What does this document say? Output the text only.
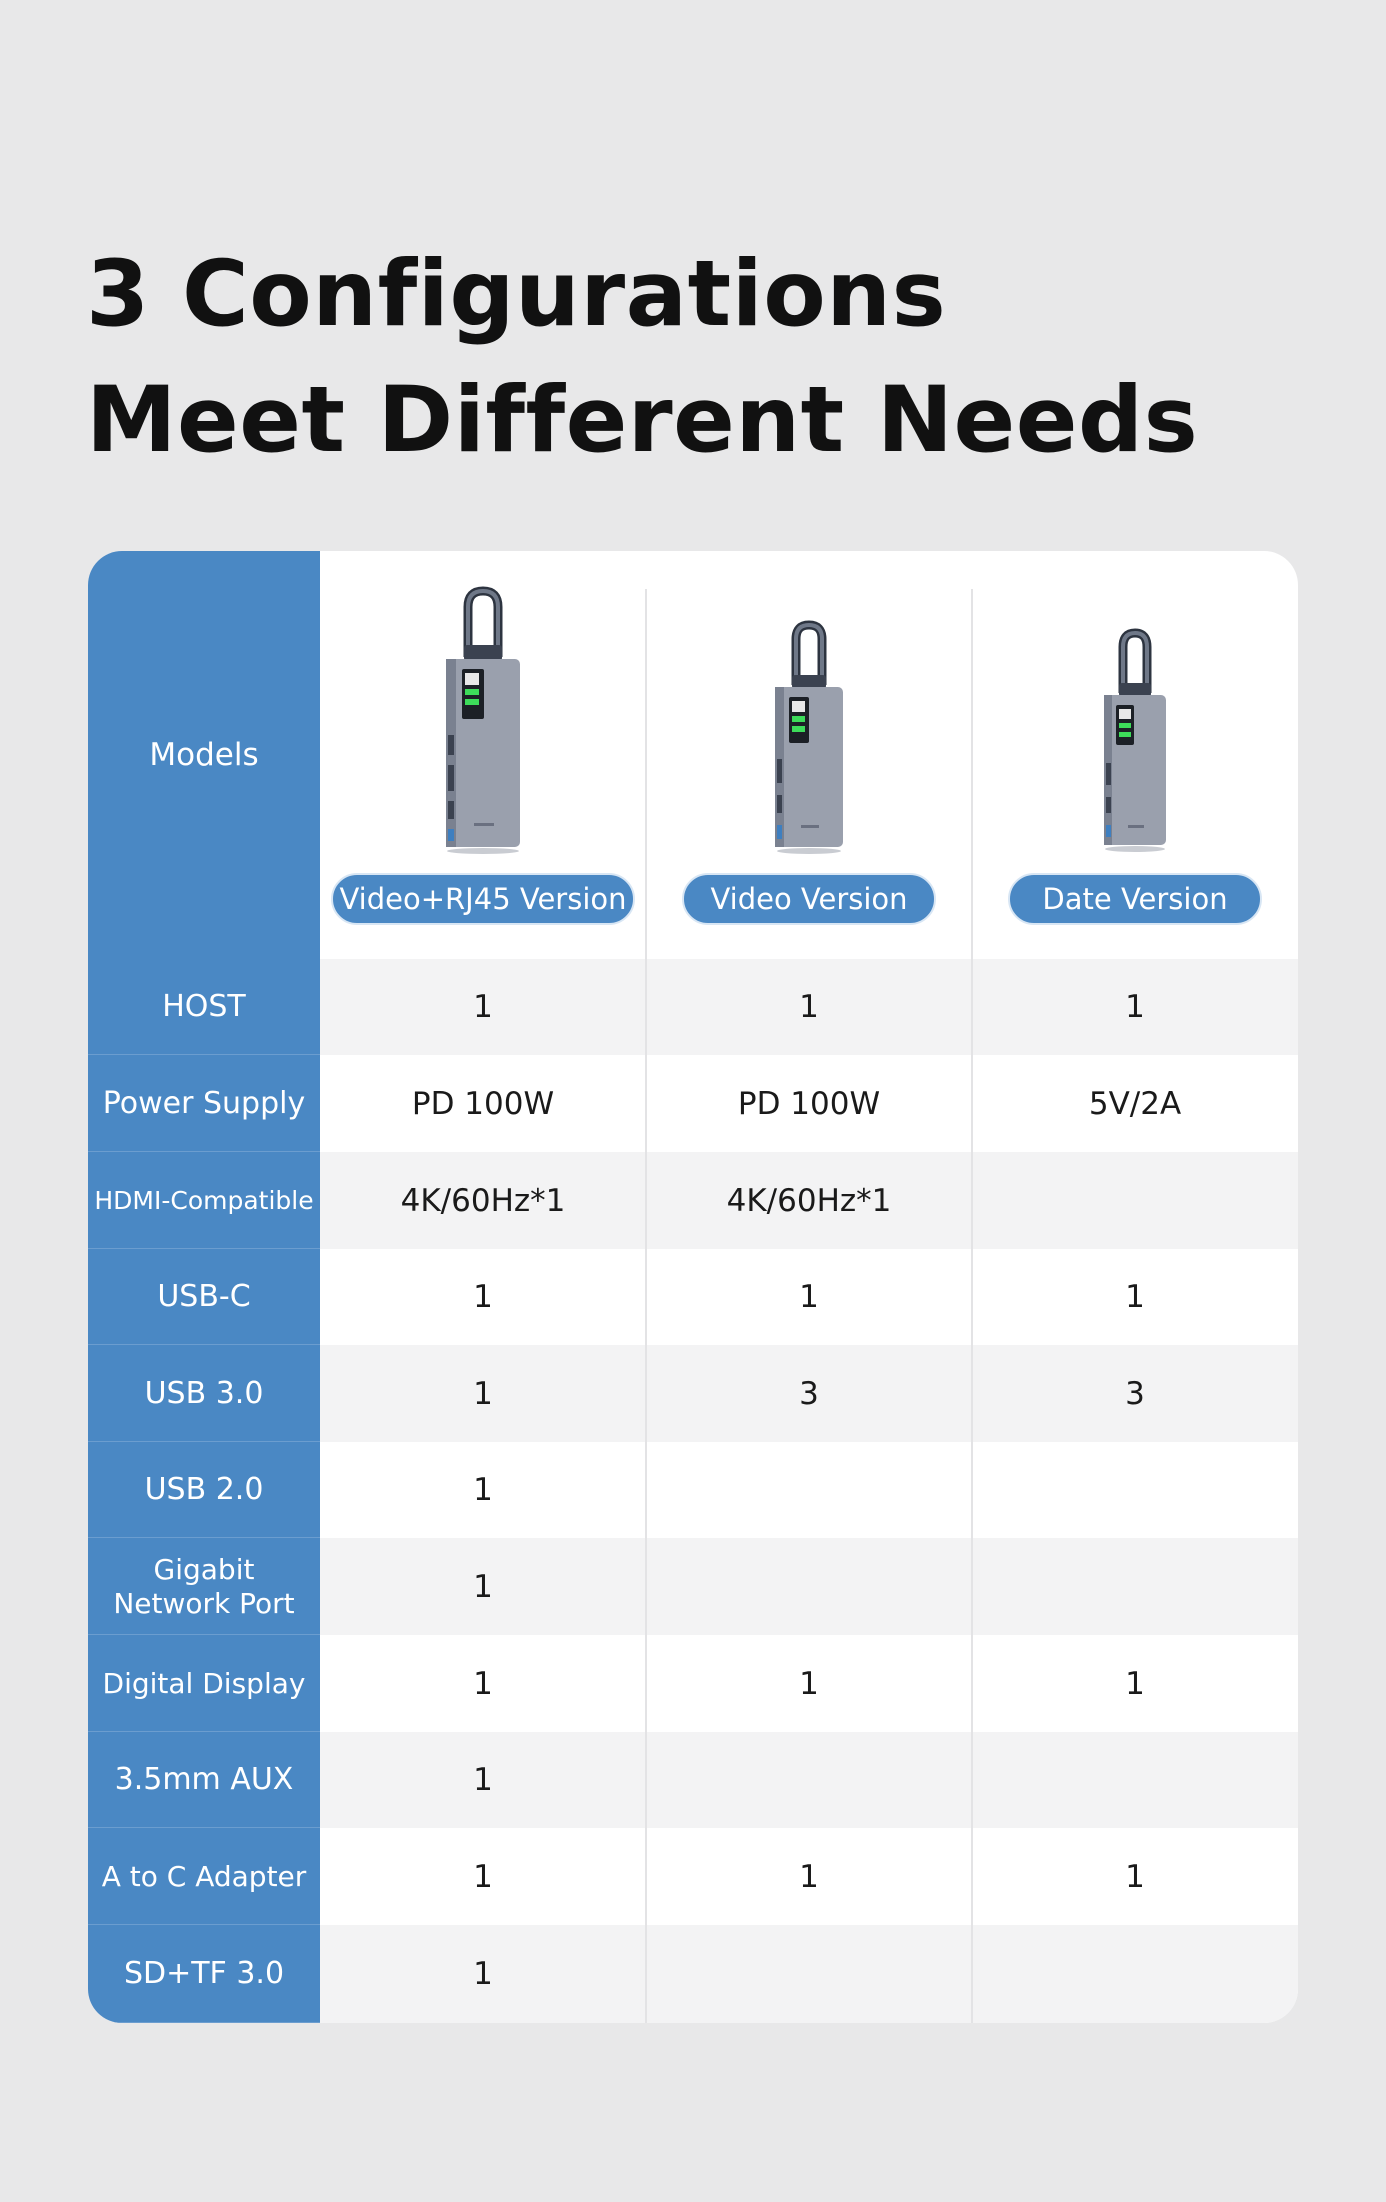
3 Configurations
Meet Different Needs
Models
Video+RJ45 Version	Video Version	Date Version
HOST	1	1	1
Power Supply	PD 100W	PD 100W	5V/2A
HDMI-Compatible	4K/60Hz*1	4K/60Hz*1
USB-C	1	1	1
USB 3.0	1	3	3
USB 2.0	1
Gigabit
Network Port	1
Digital Display	1	1	1
3.5mm AUX	1
A to C Adapter	1	1	1
SD+TF 3.0	1
